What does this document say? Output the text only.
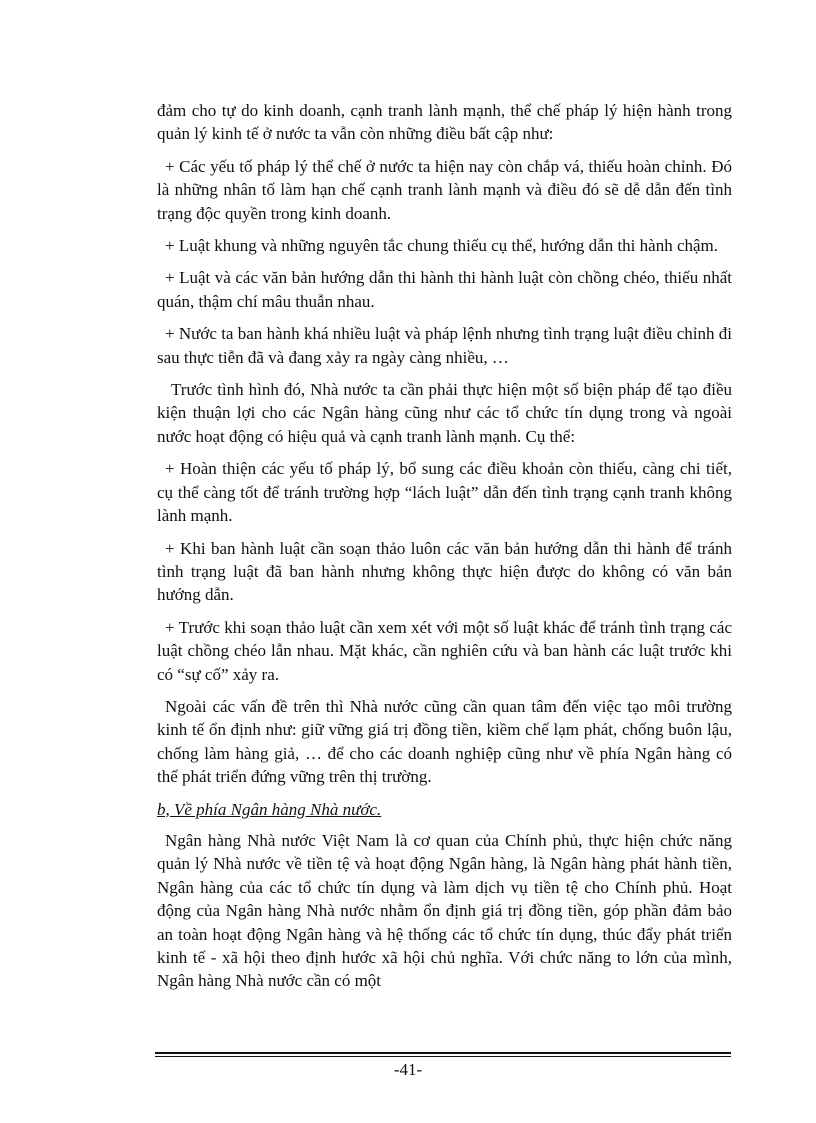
đảm cho tự do kinh doanh, cạnh tranh lành mạnh, thể chế pháp lý hiện hành trong quản lý kinh tế ở nước ta vẫn còn những điều bất cập như:

+ Các yếu tố pháp lý thể chế ở nước ta hiện nay còn chắp vá, thiếu hoàn chỉnh. Đó là những nhân tố làm hạn chế cạnh tranh lành mạnh và điều đó sẽ dễ dẫn đến tình trạng độc quyền trong kinh doanh.

+ Luật khung và những nguyên tắc chung thiếu cụ thể, hướng dẫn thi hành chậm.

+ Luật và các văn bản hướng dẫn thi hành thi hành luật còn chồng chéo, thiếu nhất quán, thậm chí mâu thuẫn nhau.

+ Nước ta ban hành khá nhiều luật và pháp lệnh nhưng tình trạng luật điều chỉnh đi sau thực tiễn đã và đang xảy ra ngày càng nhiều, …

Trước tình hình đó, Nhà nước ta cần phải thực hiện một số biện pháp để tạo điều kiện thuận lợi cho các Ngân hàng cũng như các tổ chức tín dụng trong và ngoài nước hoạt động có hiệu quả và cạnh tranh lành mạnh. Cụ thể:

+ Hoàn thiện các yếu tố pháp lý, bổ sung các điều khoản còn thiếu, càng chi tiết, cụ thể càng tốt để tránh trường hợp “lách luật” dẫn đến tình trạng cạnh tranh không lành mạnh.

+ Khi ban hành luật cần soạn thảo luôn các văn bản hướng dẫn thi hành để tránh tình trạng luật đã ban hành nhưng không thực hiện được do không có văn bản hướng dẫn.

+ Trước khi soạn thảo luật cần xem xét với một số luật khác để tránh tình trạng các luật chồng chéo lẫn nhau. Mặt khác, cần nghiên cứu và ban hành các luật trước khi có “sự cố” xảy ra.

Ngoài các vấn đề trên thì Nhà nước cũng cần quan tâm đến việc tạo môi trường kinh tế ổn định như: giữ vững giá trị đồng tiền, kiềm chế lạm phát, chống buôn lậu, chống làm hàng giả, … để cho các doanh nghiệp cũng như về phía Ngân hàng có thể phát triển đứng vững trên thị trường.

b, Về phía Ngân hàng Nhà nước.

Ngân hàng Nhà nước Việt Nam là cơ quan của Chính phủ, thực hiện chức năng quản lý Nhà nước về tiền tệ và hoạt động Ngân hàng, là Ngân hàng phát hành tiền, Ngân hàng của các tổ chức tín dụng và làm dịch vụ tiền tệ cho Chính phủ. Hoạt động của Ngân hàng Nhà nước nhằm ổn định giá trị đồng tiền, góp phần đảm bảo an toàn hoạt động Ngân hàng và hệ thống các tổ chức tín dụng, thúc đẩy phát triển kinh tế - xã hội theo định hước xã hội chủ nghĩa. Với chức năng to lớn của mình, Ngân hàng Nhà nước cần có một

-41-
